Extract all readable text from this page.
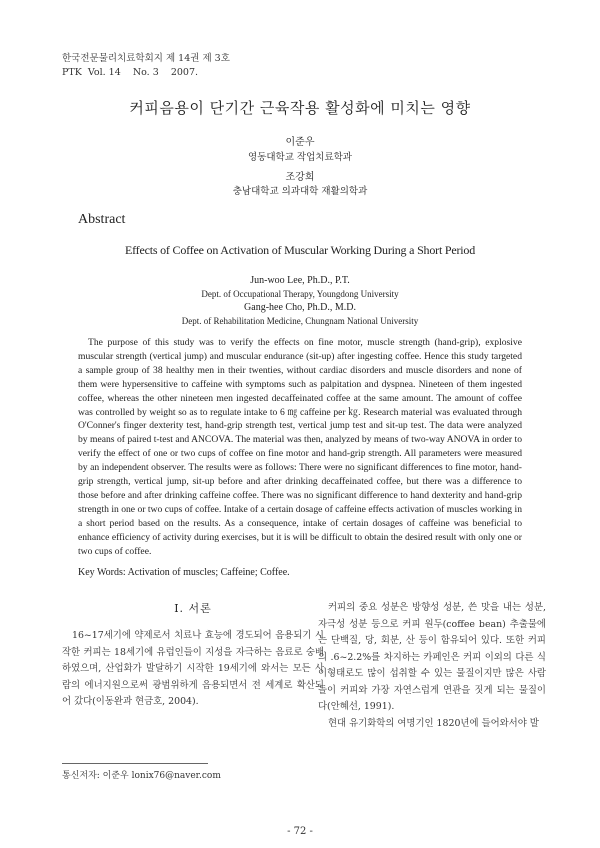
한국전문물리치료학회지 제 14권 제 3호
PTK  Vol. 14    No. 3    2007.
커피음용이 단기간 근육작용 활성화에 미치는 영향
이준우
영동대학교 작업치료학과
조강희
충남대학교 의과대학 재활의학과
Abstract
Effects of Coffee on Activation of Muscular Working During a Short Period
Jun-woo Lee, Ph.D., P.T.
Dept. of Occupational Therapy, Youngdong University
Gang-hee Cho, Ph.D., M.D.
Dept. of Rehabilitation Medicine, Chungnam National University

The purpose of this study was to verify the effects on fine motor, muscle strength (hand-grip), explosive muscular strength (vertical jump) and muscular endurance (sit-up) after ingesting coffee. Hence this study targeted a sample group of 38 healthy men in their twenties, without cardiac disorders and muscle disorders and none of them were hypersensitive to caffeine with symptoms such as palpitation and dyspnea. Nineteen of them ingested coffee, whereas the other nineteen men ingested decaffeinated coffee at the same amount. The amount of coffee was controlled by weight so as to regulate intake to 6 ㎎ caffeine per ㎏. Research material was evaluated through O'Conner's finger dexterity test, hand-grip strength test, vertical jump test and sit-up test. The data were analyzed by means of paired t-test and ANCOVA. The material was then, analyzed by means of two-way ANOVA in order to verify the effect of one or two cups of coffee on fine motor and hand-grip strength. All parameters were measured by an independent observer. The results were as follows: There were no significant differences to fine motor, hand-grip strength, vertical jump, sit-up before and after drinking decaffeinated coffee, but there was a difference to those before and after drinking caffeine coffee. There was no significant difference to hand dexterity and hand-grip strength in one or two cups of coffee. Intake of a certain dosage of caffeine effects activation of muscles working in a short period based on the results. As a consequence, intake of certain dosages of caffeine was beneficial to enhance efficiency of activity during exercises, but it is will be difficult to obtain the desired result with only one or two cups of coffee.

Key Words: Activation of muscles; Caffeine; Coffee.
Ⅰ. 서론

16~17세기에 약제로서 치료나 효능에 경도되어 음용되기 시작한 커피는 18세기에 유럽인들이 지성을 자극하는 음료로 숭배하였으며, 산업화가 발달하기 시작한 19세기에 와서는 모든 사람의 에너지원으로써 광범위하게 음용되면서 전 세계로 확산되어 갔다(이동완과 현금호, 2004).

커피의 중요 성분은 방향성 성분, 쓴 맛을 내는 성분, 자극성 성분 등으로 커피 원두(coffee bean) 추출물에는 단백질, 당, 회분, 산 등이 함유되어 있다. 또한 커피의 .6~2.2%를 차지하는 카페인은 커피 이외의 다른 식이형태로도 많이 섭취할 수 있는 물질이지만 많은 사람들이 커피와 가장 자연스럽게 연관을 짓게 되는 물질이다(안혜선, 1991).

현대 유기화학의 여명기인 1820년에 들어와서야 발

통신저자: 이준우 lonix76@naver.com
- 72 -
